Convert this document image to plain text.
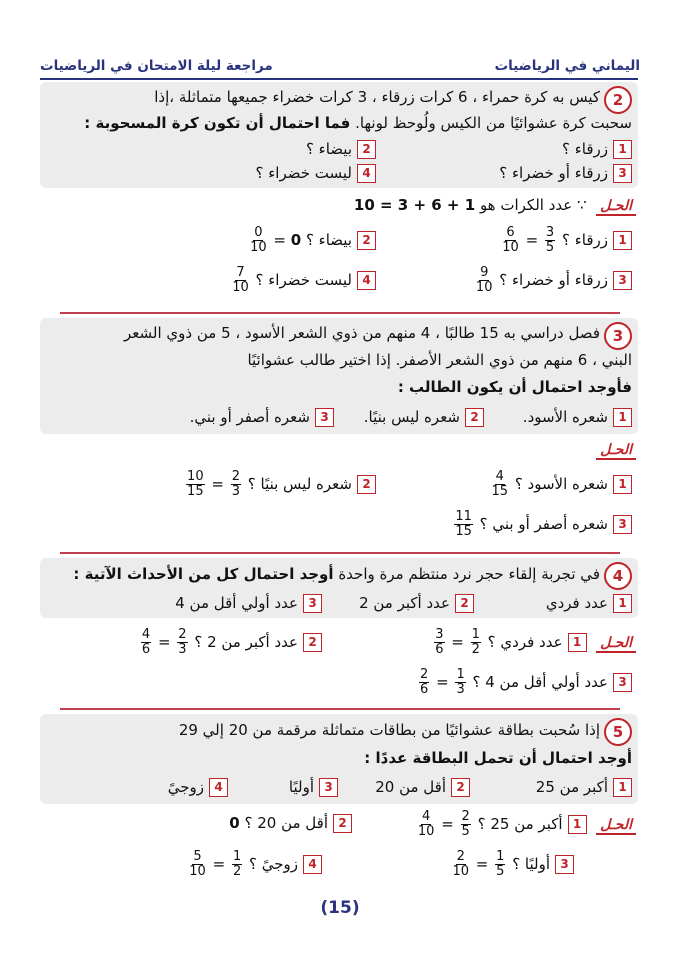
اليماني في الرياضيات
مراجعة ليلة الامتحان في الرياضيات
2
كيس به كرة حمراء ، 6 كرات زرقاء ، 3 كرات خضراء جميعها متماثلة ،إذا
سحبت كرة عشوائيًا من الكيس ولُوحظ لونها. فما احتمال أن تكون كرة المسحوبة :
1زرقاء ؟
2بيضاء ؟
3زرقاء أو خضراء ؟
4ليست خضراء ؟
الحـل  ∵ عدد الكرات هو 10 = 3 + 6 + 1
1زرقاء ؟
$\frac{6}{10} = \frac{3}{5}$
2بيضاء ؟
$\frac{0}{10} = 0$
3زرقاء أو خضراء ؟
$\frac{9}{10}$
4ليست خضراء ؟
$\frac{7}{10}$
3
فصل دراسي به 15 طالبًا ، 4 منهم من ذوي الشعر الأسود ، 5 من ذوي الشعر
البني ، 6 منهم من ذوي الشعر الأصفر. إذا اختير طالب عشوائيًا
فأوجد احتمال أن يكون الطالب :
1شعره الأسود.
2شعره ليس بنيًا.
3شعره أصفر أو بني.
الحـل
1شعره الأسود ؟
$\frac{4}{15}$
2شعره ليس بنيًا ؟
$\frac{10}{15} = \frac{2}{3}$
3شعره أصفر أو بني ؟
$\frac{11}{15}$
4
في تجربة إلقاء حجر نرد منتظم مرة واحدة أوجد احتمال كل من الأحداث الآتية :
1عدد فردي
2عدد أكبر من 2
3عدد أولي أقل من 4
الحـل  1عدد فردي ؟
$\frac{3}{6} = \frac{1}{2}$
2عدد أكبر من 2 ؟
$\frac{4}{6} = \frac{2}{3}$
3عدد أولي أقل من 4 ؟
$\frac{2}{6} = \frac{1}{3}$
5
إذا سُحبت بطاقة عشوائيًا من بطاقات متماثلة مرقمة من 20 إلي 29
أوجد احتمال أن تحمل البطاقة عددًا :
1أكبر من 25
2أقل من 20
3أوليًا
4زوجيً
الحـل  1أكبر من 25 ؟
$\frac{4}{10} = \frac{2}{5}$
2أقل من 20 ؟ 0
3أوليًا ؟
$\frac{2}{10} = \frac{1}{5}$
4زوجيً ؟
$\frac{5}{10} = \frac{1}{2}$
(15)
